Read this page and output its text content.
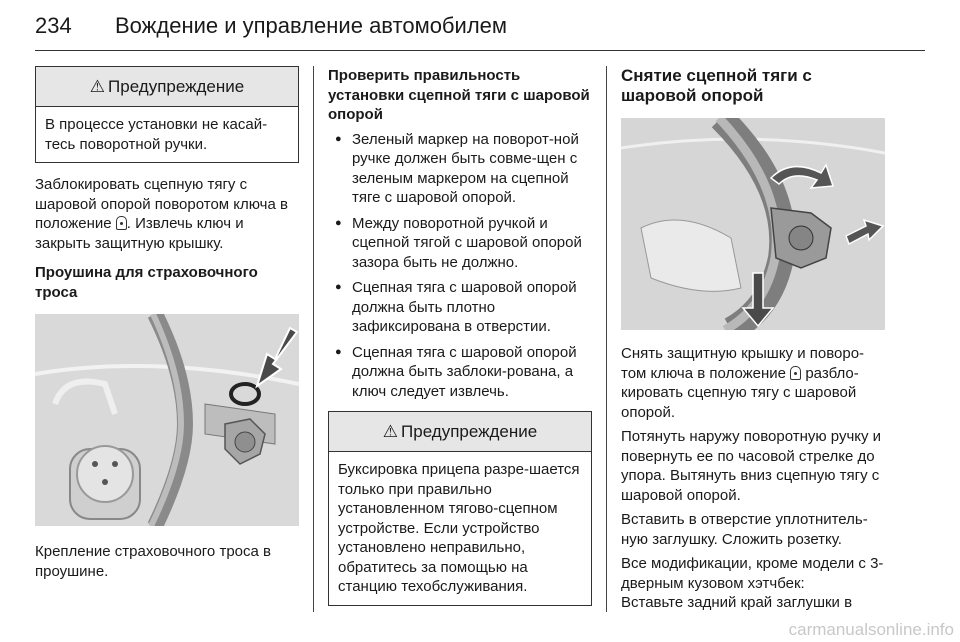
234 Вождение и управление автомобилем
⚠ Предупреждение
В процессе установки не касай-тесь поворотной ручки.

Заблокировать сцепную тягу с шаровой опорой поворотом ключа в положение . Извлечь ключ и закрыть защитную крышку.

Проушина для страховочного троса

Крепление страховочного троса в проушине.

Проверить правильность установки сцепной тяги с шаровой опорой
● Зеленый маркер на поворот-ной ручке должен быть совме-щен с зеленым маркером на сцепной тяге с шаровой опорой.
● Между поворотной ручкой и сцепной тягой с шаровой опорой зазора быть не должно.
● Сцепная тяга с шаровой опорой должна быть плотно зафиксирована в отверстии.
● Сцепная тяга с шаровой опорой должна быть заблоки-рована, а ключ следует извлечь.
⚠ Предупреждение
Буксировка прицепа разре-шается только при правильно установленном тягово-сцепном устройстве. Если устройство установлено неправильно, обратитесь за помощью на станцию техобслуживания.
Снятие сцепной тяги с шаровой опорой

Снять защитную крышку и поворо-том ключа в положение разбло-кировать сцепную тягу с шаровой опорой.

Потянуть наружу поворотную ручку и повернуть ее по часовой стрелке до упора. Вытянуть вниз сцепную тягу с шаровой опорой.

Вставить в отверстие уплотнитель-ную заглушку. Сложить розетку.

Все модификации, кроме модели с 3-дверным кузовом хэтчбек:

Вставьте задний край заглушки в

carmanualsonline.info
